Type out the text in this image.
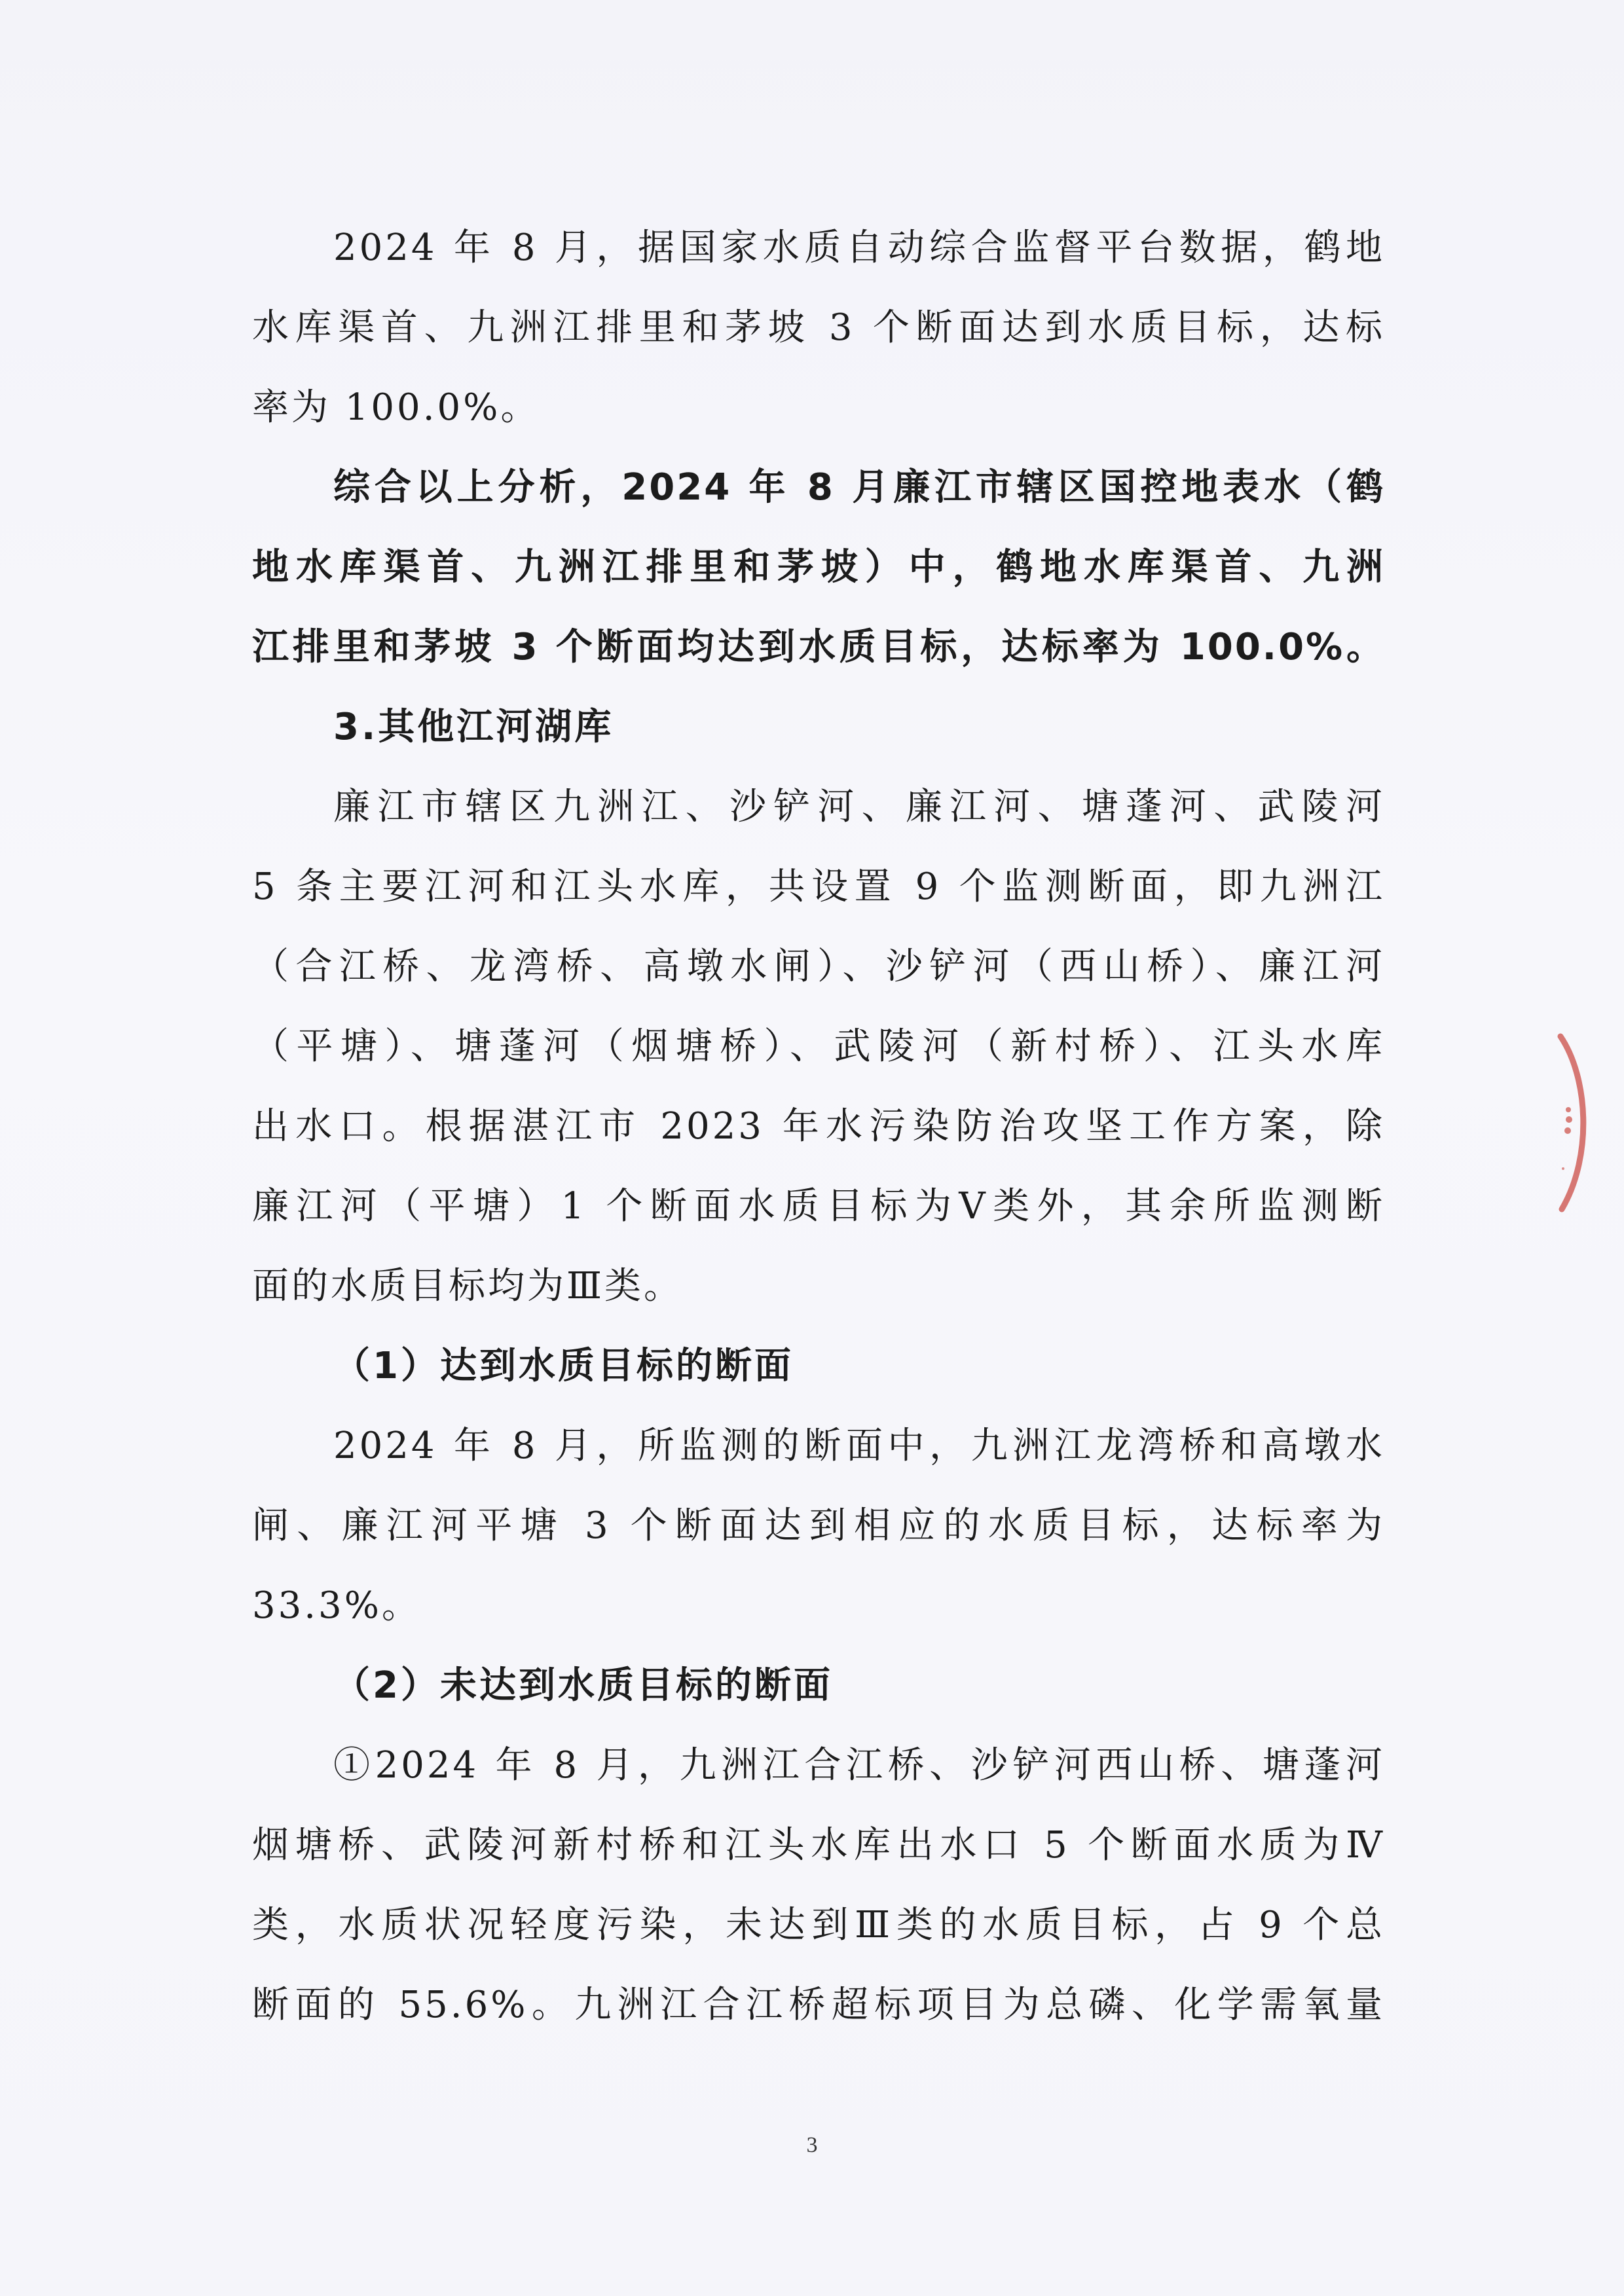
2024 年 8 月，据国家水质自动综合监督平台数据，鹤地
水库渠首、九洲江排里和茅坡 3 个断面达到水质目标，达标
率为 100.0%。
综合以上分析，2024 年 8 月廉江市辖区国控地表水（鹤
地水库渠首、九洲江排里和茅坡）中，鹤地水库渠首、九洲
江排里和茅坡 3 个断面均达到水质目标，达标率为 100.0%。
3.其他江河湖库
廉江市辖区九洲江、沙铲河、廉江河、塘蓬河、武陵河
5 条主要江河和江头水库，共设置 9 个监测断面，即九洲江
（合江桥、龙湾桥、高墩水闸）、沙铲河（西山桥）、廉江河
（平塘）、塘蓬河（烟塘桥）、武陵河（新村桥）、江头水库
出水口。根据湛江市 2023 年水污染防治攻坚工作方案，除
廉江河（平塘）1 个断面水质目标为Ⅴ类外，其余所监测断
面的水质目标均为Ⅲ类。
（1）达到水质目标的断面
2024 年 8 月，所监测的断面中，九洲江龙湾桥和高墩水
闸、廉江河平塘 3 个断面达到相应的水质目标，达标率为
33.3%。
（2）未达到水质目标的断面
①2024 年 8 月，九洲江合江桥、沙铲河西山桥、塘蓬河
烟塘桥、武陵河新村桥和江头水库出水口 5 个断面水质为Ⅳ
类，水质状况轻度污染，未达到Ⅲ类的水质目标，占 9 个总
断面的 55.6%。九洲江合江桥超标项目为总磷、化学需氧量
3
